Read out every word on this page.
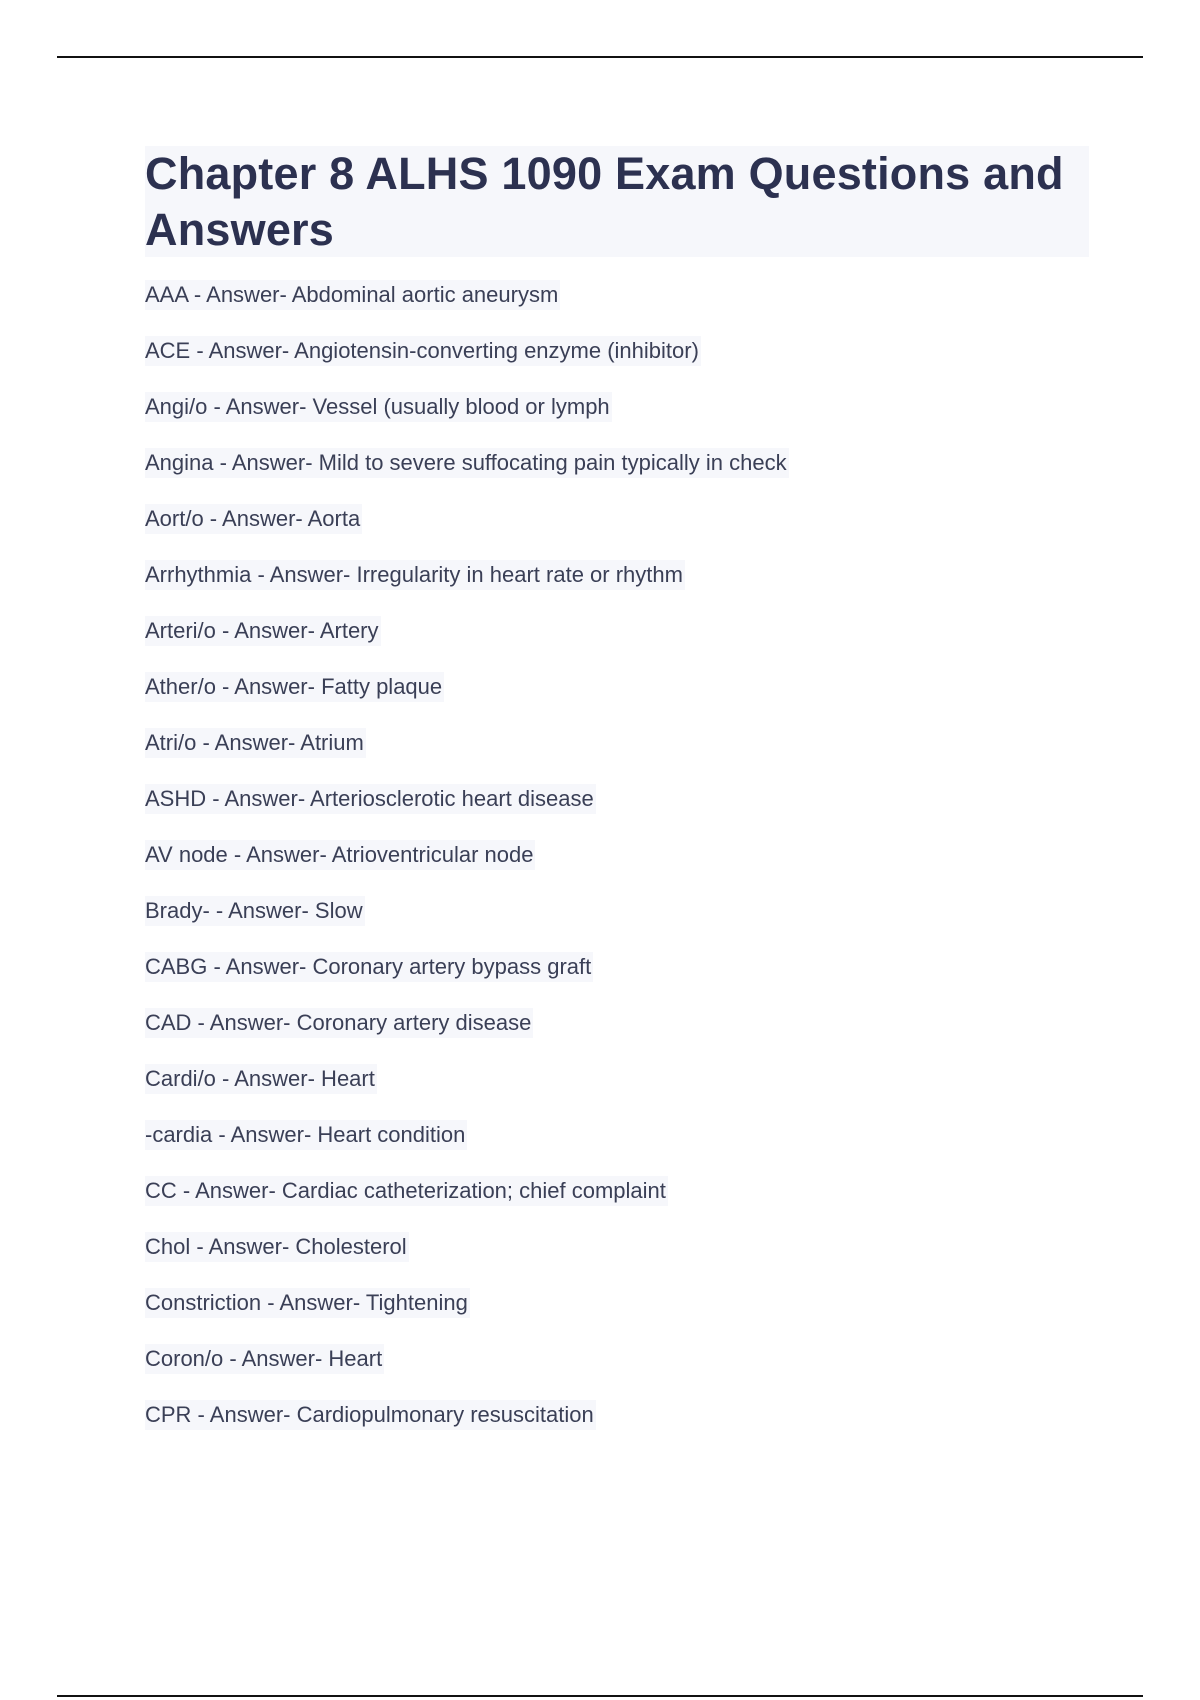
Chapter 8 ALHS 1090 Exam Questions and Answers
AAA - Answer- Abdominal aortic aneurysm
ACE - Answer- Angiotensin-converting enzyme (inhibitor)
Angi/o - Answer- Vessel (usually blood or lymph
Angina - Answer- Mild to severe suffocating pain typically in check
Aort/o - Answer- Aorta
Arrhythmia - Answer- Irregularity in heart rate or rhythm
Arteri/o - Answer- Artery
Ather/o - Answer- Fatty plaque
Atri/o - Answer- Atrium
ASHD - Answer- Arteriosclerotic heart disease
AV node - Answer- Atrioventricular node
Brady- - Answer- Slow
CABG - Answer- Coronary artery bypass graft
CAD - Answer- Coronary artery disease
Cardi/o - Answer- Heart
-cardia - Answer- Heart condition
CC - Answer- Cardiac catheterization; chief complaint
Chol - Answer- Cholesterol
Constriction - Answer- Tightening
Coron/o - Answer- Heart
CPR - Answer- Cardiopulmonary resuscitation
